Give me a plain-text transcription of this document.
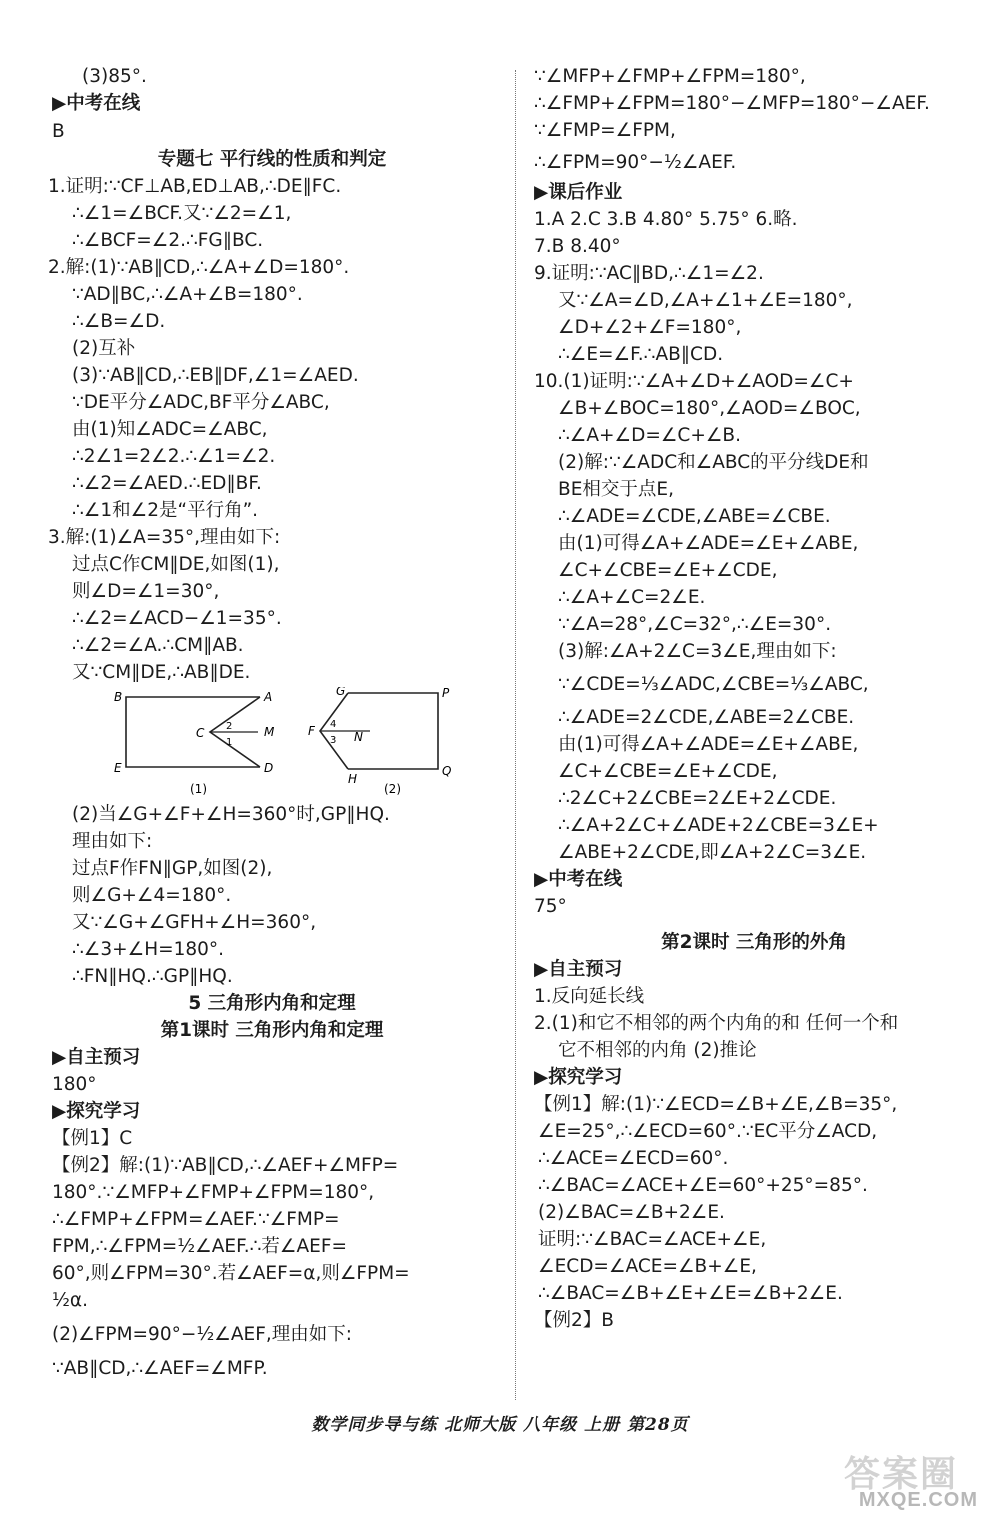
(3)85°.
▶中考在线
B
专题七 平行线的性质和判定
1.证明:∵CF⊥AB,ED⊥AB,∴DE∥FC.
∴∠1=∠BCF.又∵∠2=∠1,
∴∠BCF=∠2.∴FG∥BC.
2.解:(1)∵AB∥CD,∴∠A+∠D=180°.
∵AD∥BC,∴∠A+∠B=180°.
∴∠B=∠D.
(2)互补
(3)∵AB∥CD,∴EB∥DF,∠1=∠AED.
∵DE平分∠ADC,BF平分∠ABC,
由(1)知∠ADC=∠ABC,
∴2∠1=2∠2.∴∠1=∠2.
∴∠2=∠AED.∴ED∥BF.
∴∠1和∠2是“平行角”.
3.解:(1)∠A=35°,理由如下:
过点C作CM∥DE,如图(1),
则∠D=∠1=30°,
∴∠2=∠ACD−∠1=35°.
∴∠2=∠A.∴CM∥AB.
又∵CM∥DE,∴AB∥DE.
B	A
C 2
1
M
E	D
(1)
G	P
F 4
3 N
H
Q
(2)
(2)当∠G+∠F+∠H=360°时,GP∥HQ.
理由如下:
过点F作FN∥GP,如图(2),
则∠G+∠4=180°.
又∵∠G+∠GFH+∠H=360°,
∴∠3+∠H=180°.
∴FN∥HQ.∴GP∥HQ.
5 三角形内角和定理
第1课时 三角形内角和定理
▶自主预习
180°
▶探究学习
【例1】C
【例2】解:(1)∵AB∥CD,∴∠AEF+∠MFP=
180°.∵∠MFP+∠FMP+∠FPM=180°,
∴∠FMP+∠FPM=∠AEF.∵∠FMP=
FPM,∴∠FPM=½∠AEF.∴若∠AEF=
60°,则∠FPM=30°.若∠AEF=α,则∠FPM=
½α.
(2)∠FPM=90°−½∠AEF,理由如下:
∵AB∥CD,∴∠AEF=∠MFP.
∵∠MFP+∠FMP+∠FPM=180°,
∴∠FMP+∠FPM=180°−∠MFP=180°−∠AEF.
∵∠FMP=∠FPM,
∴∠FPM=90°−½∠AEF.
▶课后作业
1.A 2.C 3.B 4.80° 5.75° 6.略.
7.B 8.40°
9.证明:∵AC∥BD,∴∠1=∠2.
又∵∠A=∠D,∠A+∠1+∠E=180°,
∠D+∠2+∠F=180°,
∴∠E=∠F.∴AB∥CD.
10.(1)证明:∵∠A+∠D+∠AOD=∠C+
∠B+∠BOC=180°,∠AOD=∠BOC,
∴∠A+∠D=∠C+∠B.
(2)解:∵∠ADC和∠ABC的平分线DE和
BE相交于点E,
∴∠ADE=∠CDE,∠ABE=∠CBE.
由(1)可得∠A+∠ADE=∠E+∠ABE,
∠C+∠CBE=∠E+∠CDE,
∴∠A+∠C=2∠E.
∵∠A=28°,∠C=32°,∴∠E=30°.
(3)解:∠A+2∠C=3∠E,理由如下:
∵∠CDE=⅓∠ADC,∠CBE=⅓∠ABC,
∴∠ADE=2∠CDE,∠ABE=2∠CBE.
由(1)可得∠A+∠ADE=∠E+∠ABE,
∠C+∠CBE=∠E+∠CDE,
∴2∠C+2∠CBE=2∠E+2∠CDE.
∴∠A+2∠C+∠ADE+2∠CBE=3∠E+
∠ABE+2∠CDE,即∠A+2∠C=3∠E.
▶中考在线
75°
第2课时 三角形的外角
▶自主预习
1.反向延长线
2.(1)和它不相邻的两个内角的和 任何一个和
它不相邻的内角 (2)推论
▶探究学习
【例1】解:(1)∵∠ECD=∠B+∠E,∠B=35°,
∠E=25°,∴∠ECD=60°.∵EC平分∠ACD,
∴∠ACE=∠ECD=60°.
∴∠BAC=∠ACE+∠E=60°+25°=85°.
(2)∠BAC=∠B+2∠E.
证明:∵∠BAC=∠ACE+∠E,
∠ECD=∠ACE=∠B+∠E,
∴∠BAC=∠B+∠E+∠E=∠B+2∠E.
【例2】B
数学同步导与练 北师大版 八年级 上册 第28页
答案圈
MXQE.COM
